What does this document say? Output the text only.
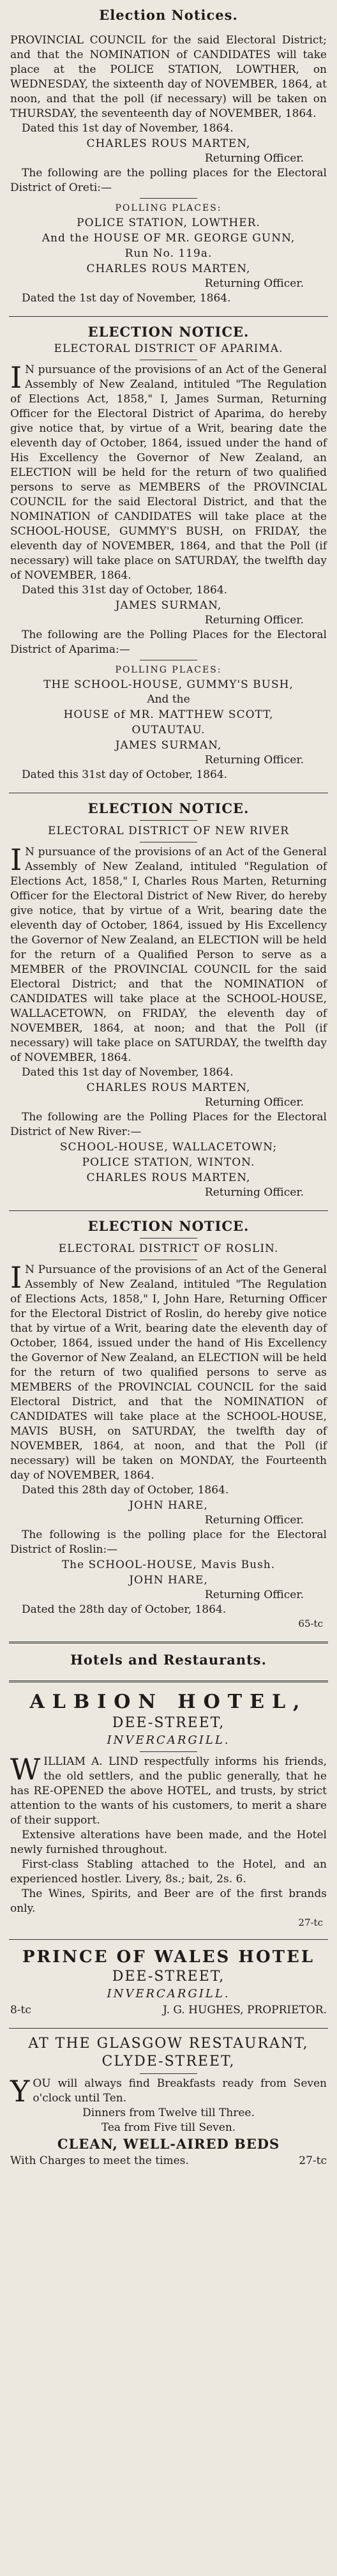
Election Notices.

PROVINCIAL COUNCIL for the said Electoral District; and that the NOMINATION of CANDIDATES will take place at the POLICE STATION, LOWTHER, on WEDNESDAY, the sixteenth day of NOVEMBER, 1864, at noon, and that the poll (if necessary) will be taken on THURSDAY, the seventeenth day of NOVEMBER, 1864.

Dated this 1st day of November, 1864.

CHARLES ROUS MARTEN,

Returning Officer.

The following are the polling places for the Electoral District of Oreti:—

POLLING PLACES:

POLICE STATION, LOWTHER.

And the HOUSE OF MR. GEORGE GUNN,

Run No. 119a.

CHARLES ROUS MARTEN,

Returning Officer.

Dated the 1st day of November, 1864.

ELECTION NOTICE.

ELECTORAL DISTRICT OF APARIMA.

I N pursuance of the provisions of an Act of the General Assembly of New Zealand, intituled "The Regulation of Elections Act, 1858," I, James Surman, Returning Officer for the Electoral District of Aparima, do hereby give notice that, by virtue of a Writ, bearing date the eleventh day of October, 1864, issued under the hand of His Excellency the Governor of New Zealand, an ELECTION will be held for the return of two qualified persons to serve as MEMBERS of the PROVINCIAL COUNCIL for the said Electoral District, and that the NOMINATION of CANDIDATES will take place at the SCHOOL-HOUSE, GUMMY'S BUSH, on FRIDAY, the eleventh day of NOVEMBER, 1864, and that the Poll (if necessary) will take place on SATURDAY, the twelfth day of NOVEMBER, 1864.

Dated this 31st day of October, 1864.

JAMES SURMAN,

Returning Officer.

The following are the Polling Places for the Electoral District of Aparima:—

POLLING PLACES:

THE SCHOOL-HOUSE, GUMMY'S BUSH,

And the

HOUSE of MR. MATTHEW SCOTT,

OUTAUTAU.

JAMES SURMAN,

Returning Officer.

Dated this 31st day of October, 1864.

ELECTION NOTICE.

ELECTORAL DISTRICT OF NEW RIVER

I N pursuance of the provisions of an Act of the General Assembly of New Zealand, intituled "Regulation of Elections Act, 1858," I, Charles Rous Marten, Returning Officer for the Electoral District of New River, do hereby give notice, that by virtue of a Writ, bearing date the eleventh day of October, 1864, issued by His Excellency the Governor of New Zealand, an ELECTION will be held for the return of a Qualified Person to serve as a MEMBER of the PROVINCIAL COUNCIL for the said Electoral District; and that the NOMINATION of CANDIDATES will take place at the SCHOOL-HOUSE, WALLACETOWN, on FRIDAY, the eleventh day of NOVEMBER, 1864, at noon; and that the Poll (if necessary) will take place on SATURDAY, the twelfth day of NOVEMBER, 1864.

Dated this 1st day of November, 1864.

CHARLES ROUS MARTEN,

Returning Officer.

The following are the Polling Places for the Electoral District of New River:—

SCHOOL-HOUSE, WALLACETOWN;

POLICE STATION, WINTON.

CHARLES ROUS MARTEN,

Returning Officer.

ELECTION NOTICE.

ELECTORAL DISTRICT OF ROSLIN.

I N Pursuance of the provisions of an Act of the General Assembly of New Zealand, intituled "The Regulation of Elections Acts, 1858," I, John Hare, Returning Officer for the Electoral District of Roslin, do hereby give notice that by virtue of a Writ, bearing date the eleventh day of October, 1864, issued under the hand of His Excellency the Governor of New Zealand, an ELECTION will be held for the return of two qualified persons to serve as MEMBERS of the PROVINCIAL COUNCIL for the said Electoral District, and that the NOMINATION of CANDIDATES will take place at the SCHOOL-HOUSE, MAVIS BUSH, on SATURDAY, the twelfth day of NOVEMBER, 1864, at noon, and that the Poll (if necessary) will be taken on MONDAY, the Fourteenth day of NOVEMBER, 1864.

Dated this 28th day of October, 1864.

JOHN HARE,

Returning Officer.

The following is the polling place for the Electoral District of Roslin:—

The SCHOOL-HOUSE, Mavis Bush.

JOHN HARE,

Returning Officer.

Dated the 28th day of October, 1864.

65-tc

Hotels and Restaurants.

ALBION HOTEL,

DEE-STREET,

INVERCARGILL.

WILLIAM A. LIND respectfully informs his friends, the old settlers, and the public generally, that he has RE-OPENED the above HOTEL, and trusts, by strict attention to the wants of his customers, to merit a share of their support.

Extensive alterations have been made, and the Hotel newly furnished throughout.

First-class Stabling attached to the Hotel, and an experienced hostler. Livery, 8s.; bait, 2s. 6.

The Wines, Spirits, and Beer are of the first brands only.

27-tc

PRINCE OF WALES HOTEL

DEE-STREET,

INVERCARGILL.

8-tc	J. G. HUGHES, PROPRIETOR.

AT THE GLASGOW RESTAURANT,

CLYDE-STREET,

YOU will always find Breakfasts ready from Seven o'clock until Ten.

Dinners from Twelve till Three.

Tea from Five till Seven.

CLEAN, WELL-AIRED BEDS

With Charges to meet the times.	27-tc
